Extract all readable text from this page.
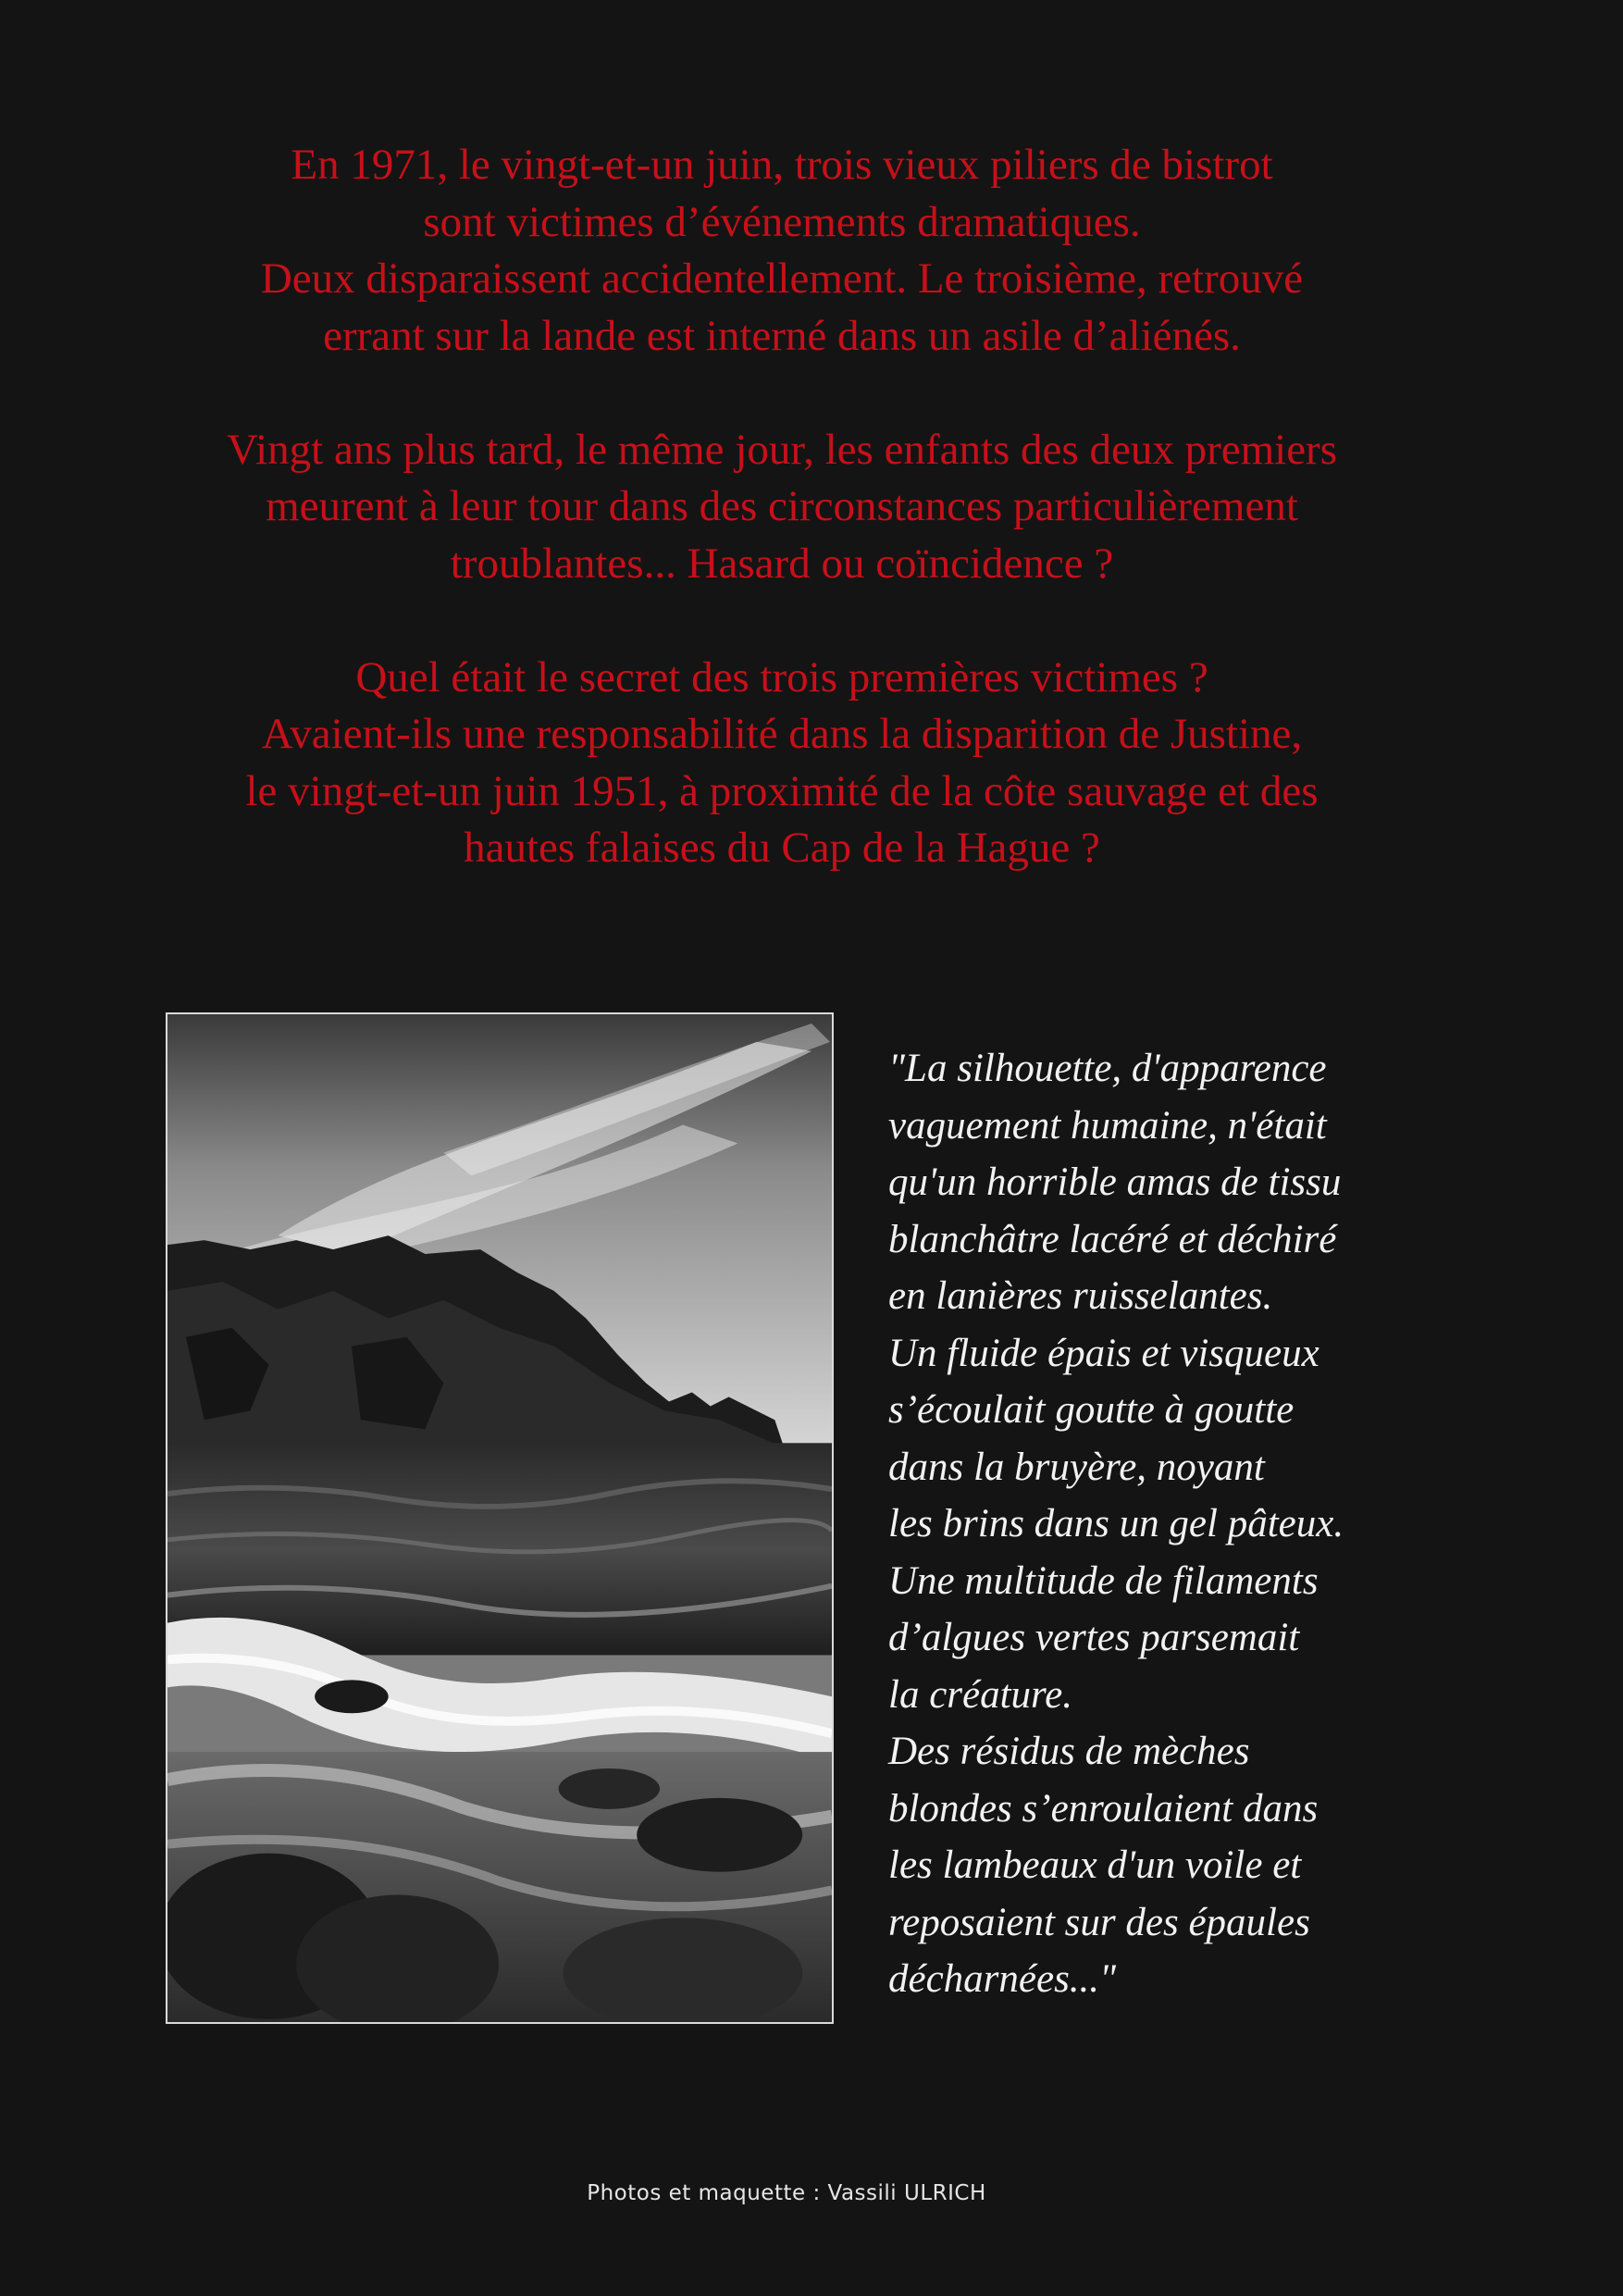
En 1971, le vingt-et-un juin, trois vieux piliers de bistrot

sont victimes d’événements dramatiques.

Deux disparaissent accidentellement. Le troisième, retrouvé

errant sur la lande est interné dans un asile d’aliénés.

Vingt ans plus tard, le même jour, les enfants des deux premiers

meurent à leur tour dans des circonstances particulièrement

troublantes... Hasard ou coïncidence ?

Quel était le secret des trois premières victimes ?

Avaient-ils une responsabilité dans la disparition de Justine,

le vingt-et-un juin 1951, à proximité de la côte sauvage et des

hautes falaises du Cap de la Hague ?

"La silhouette, d'apparence
vaguement humaine, n'était
qu'un horrible amas de tissu
blanchâtre lacéré et déchiré
en lanières ruisselantes.
Un fluide épais et visqueux
s’écoulait goutte à goutte
dans la bruyère, noyant
les brins dans un gel pâteux.
Une multitude de filaments
d’algues vertes parsemait
la créature.
Des résidus de mèches
blondes s’enroulaient dans
les lambeaux d'un voile et
reposaient sur des épaules
décharnées..."
Photos et maquette : Vassili ULRICH
